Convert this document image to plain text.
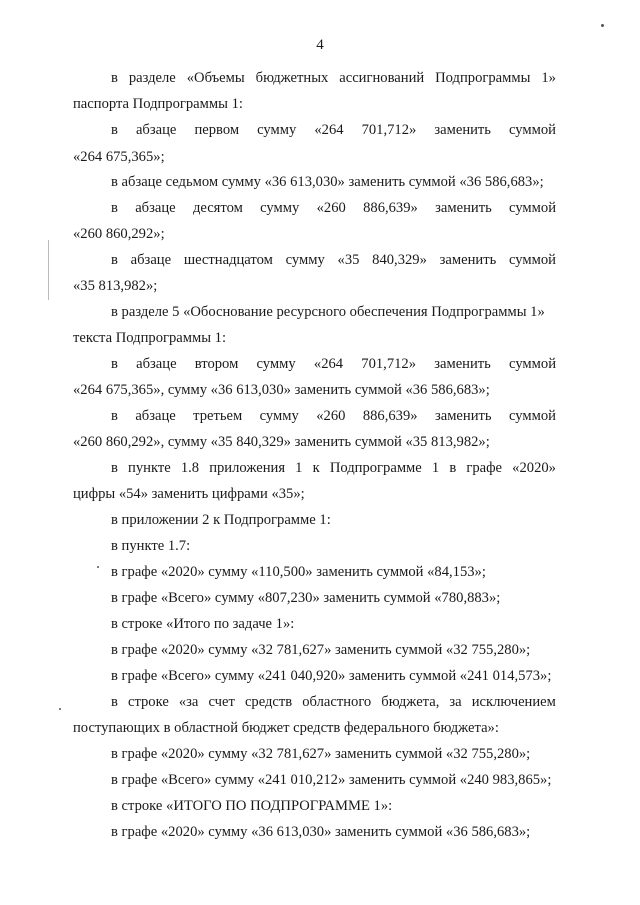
4
в разделе «Объемы бюджетных ассигнований Подпрограммы 1»
паспорта Подпрограммы 1:
в абзаце первом сумму «264 701,712» заменить суммой
«264 675,365»;
в абзаце седьмом сумму «36 613,030» заменить суммой «36 586,683»;
в абзаце десятом сумму «260 886,639» заменить суммой
«260 860,292»;
в абзаце шестнадцатом сумму «35 840,329» заменить суммой
«35 813,982»;
в разделе 5 «Обоснование ресурсного обеспечения Подпрограммы 1»
текста Подпрограммы 1:
в абзаце втором сумму «264 701,712» заменить суммой
«264 675,365», сумму «36 613,030» заменить суммой «36 586,683»;
в абзаце третьем сумму «260 886,639» заменить суммой
«260 860,292», сумму «35 840,329» заменить суммой «35 813,982»;
в пункте 1.8 приложения 1 к Подпрограмме 1 в графе «2020»
цифры «54» заменить цифрами «35»;
в приложении 2 к Подпрограмме 1:
в пункте 1.7:
в графе «2020» сумму «110,500» заменить суммой «84,153»;
в графе «Всего» сумму «807,230» заменить суммой «780,883»;
в строке «Итого по задаче 1»:
в графе «2020» сумму «32 781,627» заменить суммой «32 755,280»;
в графе «Всего» сумму «241 040,920» заменить суммой «241 014,573»;
в строке «за счет средств областного бюджета, за исключением
поступающих в областной бюджет средств федерального бюджета»:
в графе «2020» сумму «32 781,627» заменить суммой «32 755,280»;
в графе «Всего» сумму «241 010,212» заменить суммой «240 983,865»;
в строке «ИТОГО ПО ПОДПРОГРАММЕ 1»:
в графе «2020» сумму «36 613,030» заменить суммой «36 586,683»;
